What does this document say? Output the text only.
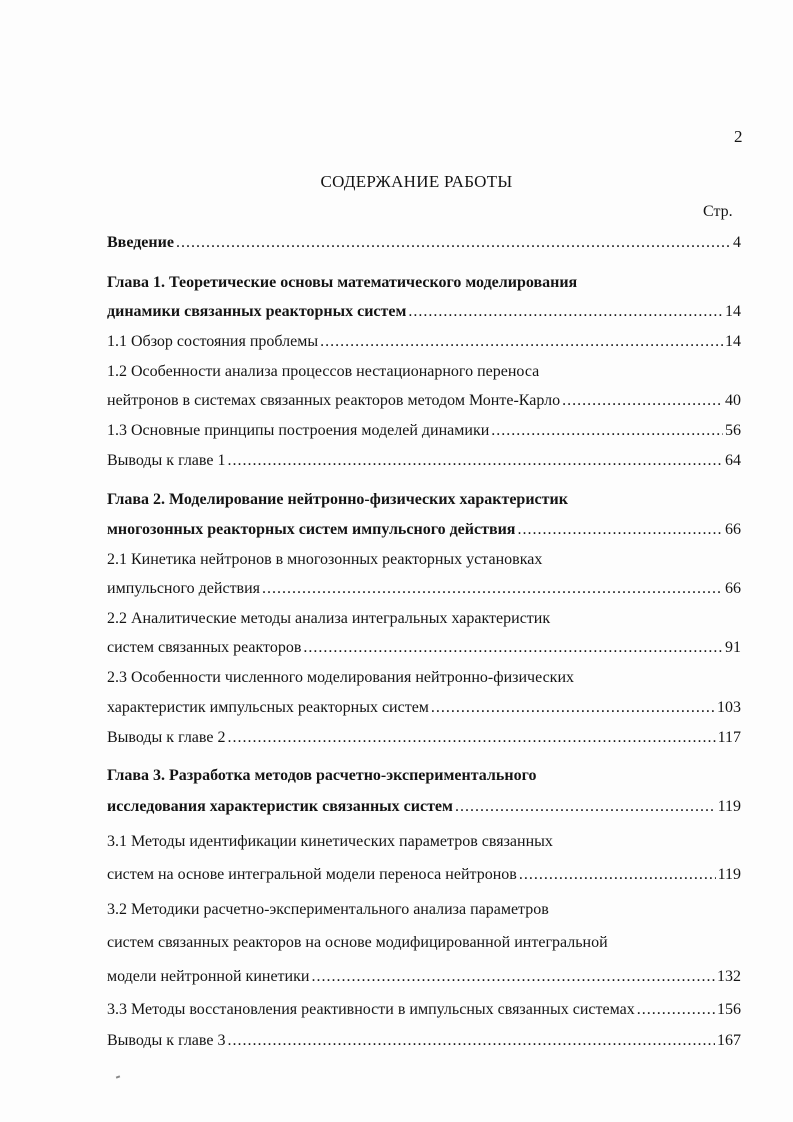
2
СОДЕРЖАНИЕ РАБОТЫ
Стр.
Введение .....	4
Глава 1. Теоретические основы математического моделирования
динамики связанных реакторных систем .....	14
1.1 Обзор состояния проблемы .....	14
1.2 Особенности анализа процессов нестационарного переноса
нейтронов в системах связанных реакторов методом Монте-Карло .....	40
1.3 Основные принципы построения моделей динамики .....	56
Выводы к главе 1 .....	64
Глава 2. Моделирование нейтронно-физических характеристик
многозонных реакторных систем импульсного действия .....	66
2.1 Кинетика нейтронов в многозонных реакторных установках
импульсного действия .....	66
2.2 Аналитические методы анализа интегральных характеристик
систем связанных реакторов .....	91
2.3 Особенности численного моделирования нейтронно-физических
характеристик импульсных реакторных систем .....	103
Выводы к главе 2 .....	117
Глава 3. Разработка методов расчетно-экспериментального
исследования характеристик связанных систем .....	119
3.1 Методы идентификации кинетических параметров связанных
систем на основе интегральной модели переноса нейтронов .....	119
3.2 Методики расчетно-экспериментального анализа параметров
систем связанных реакторов на основе модифицированной интегральной
модели нейтронной кинетики .....	132
3.3 Методы восстановления реактивности в импульсных связанных системах .....	156
Выводы к главе 3 .....	167
